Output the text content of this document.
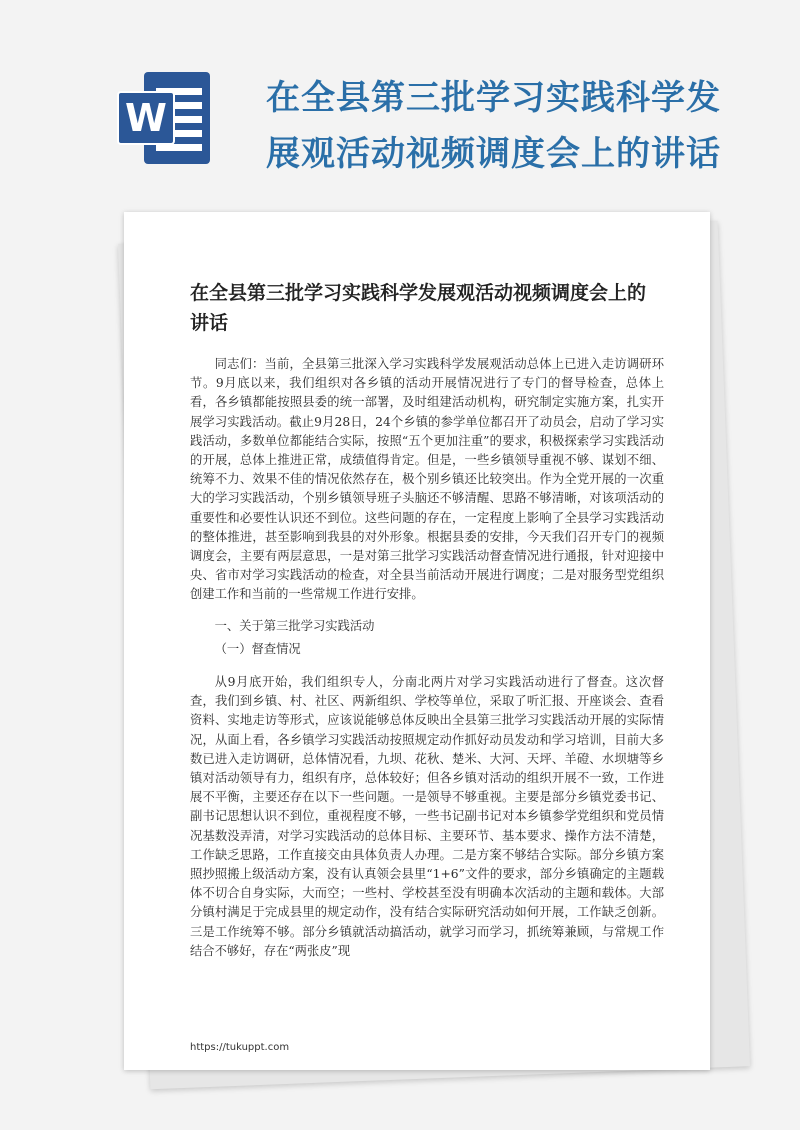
W	在全县第三批学习实践科学发
展观活动视频调度会上的讲话
在全县第三批学习实践科学发展观活动视频调度会上的讲话

同志们：当前，全县第三批深入学习实践科学发展观活动总体上已进入走访调研环节。9月底以来，我们组织对各乡镇的活动开展情况进行了专门的督导检查，总体上看，各乡镇都能按照县委的统一部署，及时组建活动机构，研究制定实施方案，扎实开展学习实践活动。截止9月28日，24个乡镇的参学单位都召开了动员会，启动了学习实践活动，多数单位都能结合实际，按照“五个更加注重”的要求，积极探索学习实践活动的开展，总体上推进正常，成绩值得肯定。但是，一些乡镇领导重视不够、谋划不细、统筹不力、效果不佳的情况依然存在，极个别乡镇还比较突出。作为全党开展的一次重大的学习实践活动，个别乡镇领导班子头脑还不够清醒、思路不够清晰，对该项活动的重要性和必要性认识还不到位。这些问题的存在，一定程度上影响了全县学习实践活动的整体推进，甚至影响到我县的对外形象。根据县委的安排，今天我们召开专门的视频调度会，主要有两层意思，一是对第三批学习实践活动督查情况进行通报，针对迎接中央、省市对学习实践活动的检查，对全县当前活动开展进行调度；二是对服务型党组织创建工作和当前的一些常规工作进行安排。

一、关于第三批学习实践活动

（一）督查情况

从9月底开始，我们组织专人，分南北两片对学习实践活动进行了督查。这次督查，我们到乡镇、村、社区、两新组织、学校等单位，采取了听汇报、开座谈会、查看资料、实地走访等形式，应该说能够总体反映出全县第三批学习实践活动开展的实际情况，从面上看，各乡镇学习实践活动按照规定动作抓好动员发动和学习培训，目前大多数已进入走访调研，总体情况看，九坝、花秋、楚米、大河、天坪、羊磴、水坝塘等乡镇对活动领导有力，组织有序，总体较好；但各乡镇对活动的组织开展不一致，工作进展不平衡，主要还存在以下一些问题。一是领导不够重视。主要是部分乡镇党委书记、副书记思想认识不到位，重视程度不够，一些书记副书记对本乡镇参学党组织和党员情况基数没弄清，对学习实践活动的总体目标、主要环节、基本要求、操作方法不清楚，工作缺乏思路，工作直接交由具体负责人办理。二是方案不够结合实际。部分乡镇方案照抄照搬上级活动方案，没有认真领会县里“1+6”文件的要求，部分乡镇确定的主题载体不切合自身实际，大而空；一些村、学校甚至没有明确本次活动的主题和载体。大部分镇村满足于完成县里的规定动作，没有结合实际研究活动如何开展，工作缺乏创新。三是工作统筹不够。部分乡镇就活动搞活动，就学习而学习，抓统筹兼顾，与常规工作结合不够好，存在“两张皮”现

https://tukuppt.com
